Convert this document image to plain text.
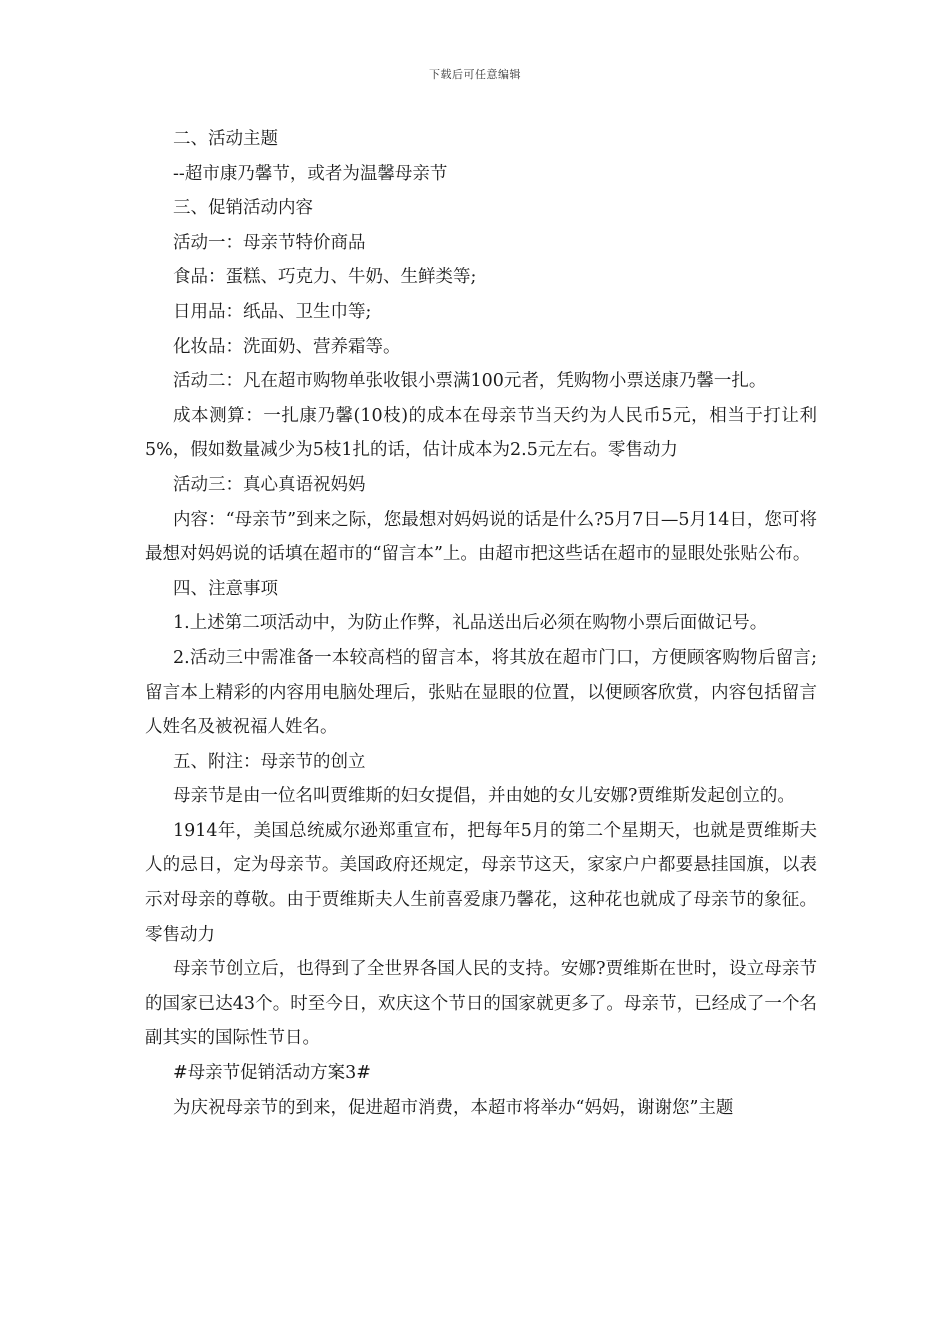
下载后可任意编辑

二、活动主题

--超市康乃馨节，或者为温馨母亲节

三、促销活动内容

活动一：母亲节特价商品

食品：蛋糕、巧克力、牛奶、生鲜类等;

日用品：纸品、卫生巾等;

化妆品：洗面奶、营养霜等。

活动二：凡在超市购物单张收银小票满100元者，凭购物小票送康乃馨一扎。

成本测算：一扎康乃馨(10枝)的成本在母亲节当天约为人民币5元，相当于打让利5%，假如数量减少为5枝1扎的话，估计成本为2.5元左右。零售动力

活动三：真心真语祝妈妈

内容：“母亲节”到来之际，您最想对妈妈说的话是什么?5月7日—5月14日，您可将最想对妈妈说的话填在超市的“留言本”上。由超市把这些话在超市的显眼处张贴公布。

四、注意事项

1.上述第二项活动中，为防止作弊，礼品送出后必须在购物小票后面做记号。

2.活动三中需准备一本较高档的留言本，将其放在超市门口，方便顾客购物后留言;留言本上精彩的内容用电脑处理后，张贴在显眼的位置，以便顾客欣赏，内容包括留言人姓名及被祝福人姓名。

五、附注：母亲节的创立

母亲节是由一位名叫贾维斯的妇女提倡，并由她的女儿安娜?贾维斯发起创立的。

1914年，美国总统威尔逊郑重宣布，把每年5月的第二个星期天，也就是贾维斯夫人的忌日，定为母亲节。美国政府还规定，母亲节这天，家家户户都要悬挂国旗，以表示对母亲的尊敬。由于贾维斯夫人生前喜爱康乃馨花，这种花也就成了母亲节的象征。零售动力

母亲节创立后，也得到了全世界各国人民的支持。安娜?贾维斯在世时，设立母亲节的国家已达43个。时至今日，欢庆这个节日的国家就更多了。母亲节，已经成了一个名副其实的国际性节日。

#母亲节促销活动方案3#

为庆祝母亲节的到来，促进超市消费，本超市将举办“妈妈，谢谢您”主题
